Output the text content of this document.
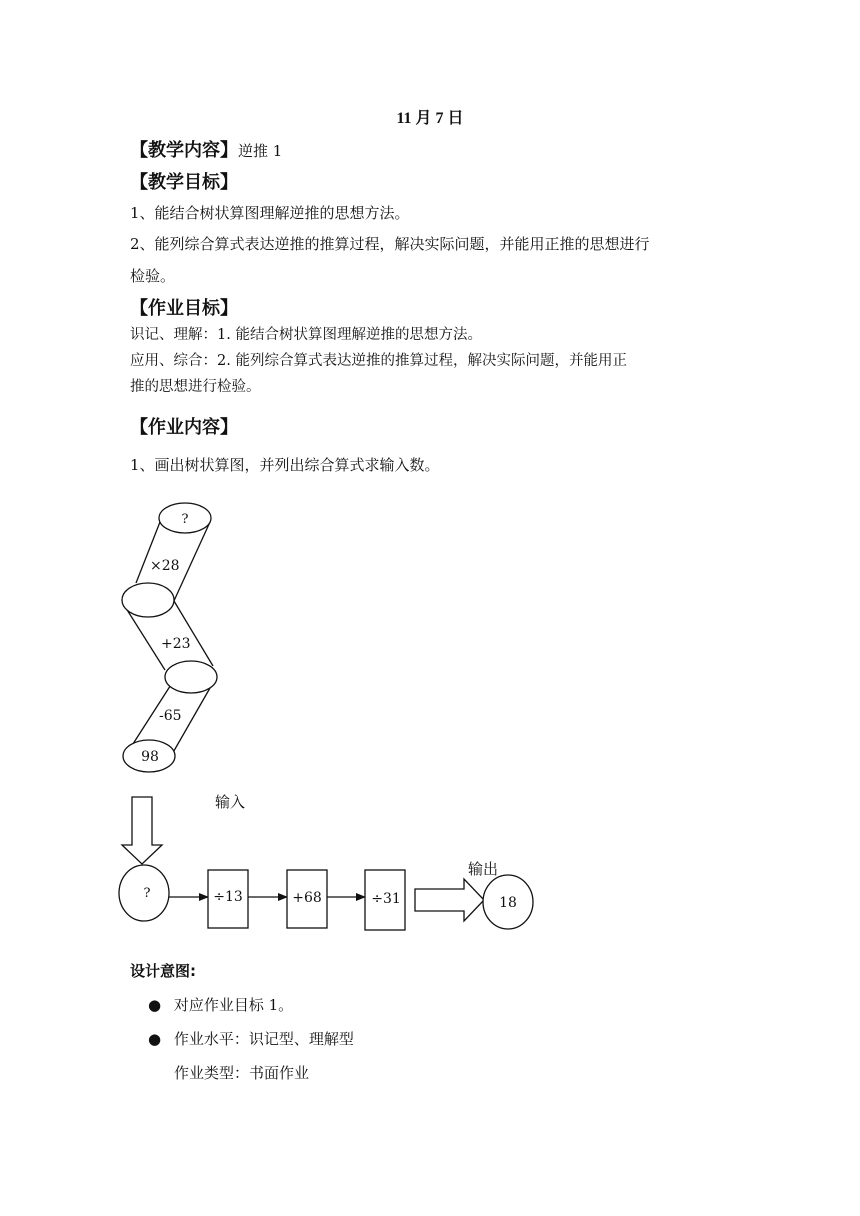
11 月 7 日
【教学内容】逆推 1
【教学目标】
1、能结合树状算图理解逆推的思想方法。
2、能列综合算式表达逆推的推算过程，解决实际问题，并能用正推的思想进行
检验。
【作业目标】
识记、理解：1. 能结合树状算图理解逆推的思想方法。
应用、综合：2. 能列综合算式表达逆推的推算过程，解决实际问题，并能用正
推的思想进行检验。
【作业内容】
1、画出树状算图，并列出综合算式求输入数。
?
×28
+23
-65
98
输入
输出
?	÷13	+68	÷31	18
设计意图:
● 对应作业目标 1。
● 作业水平：识记型、理解型
作业类型：书面作业
